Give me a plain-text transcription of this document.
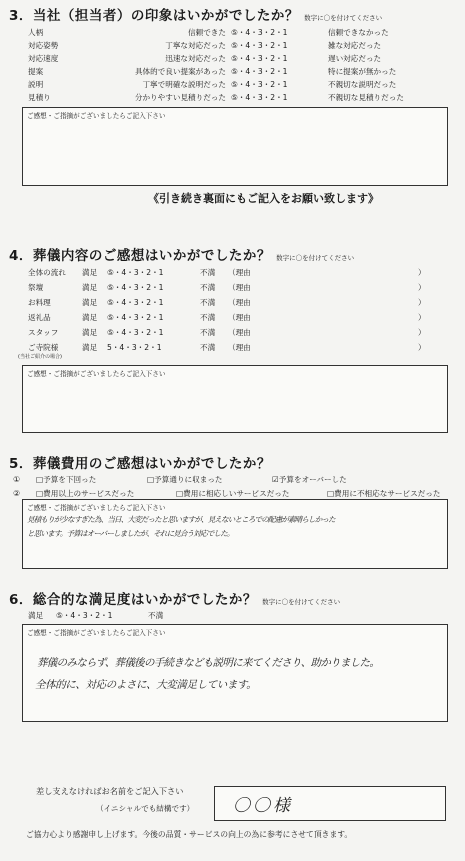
3．当社（担当者）の印象はいかがでしたか？ 数字に〇を付けてください
人柄	信頼できた ⑤・4・3・2・1	信頼できなかった
対応姿勢	丁寧な対応だった ⑤・4・3・2・1	雑な対応だった
対応速度	迅速な対応だった ⑤・4・3・2・1	遅い対応だった
提案	具体的で良い提案があった ⑤・4・3・2・1	特に提案が無かった
説明	丁寧で明確な説明だった ⑤・4・3・2・1	不親切な説明だった
見積り	分かりやすい見積りだった ⑤・4・3・2・1	不親切な見積りだった
ご感想・ご指摘がございましたらご記入下さい
《引き続き裏面にもご記入をお願い致します》
4．葬儀内容のご感想はいかがでしたか？ 数字に〇を付けてください
全体の流れ 満足 ⑤・4・3・2・1	不満 （理由	）
祭壇	満足 ⑤・4・3・2・1	不満 （理由	）
お料理	満足 ⑤・4・3・2・1	不満 （理由	）
返礼品	満足 ⑤・4・3・2・1	不満 （理由	）
スタッフ	満足 ⑤・4・3・2・1	不満 （理由	）
ご寺院様	満足 5・4・3・2・1	不満 （理由	）
(当社ご紹介の場合)
ご感想・ご指摘がございましたらご記入下さい
5．葬儀費用のご感想はいかがでしたか？
① □予算を下回った	□予算通りに収まった	☑予算をオーバーした
② □費用以上のサービスだった	□費用に相応しいサービスだった	□費用に不相応なサービスだった
ご感想・ご指摘がございましたらご記入下さい
見積もりが少なすぎた為、当日、大変だったと思いますが、見えないところでの配慮が素晴らしかった
と思います。予算はオーバーしましたが、それに見合う対応でした。
6．総合的な満足度はいかがでしたか？ 数字に〇を付けてください
満足 ⑤・4・3・2・1	不満
ご感想・ご指摘がございましたらご記入下さい
葬儀のみならず、葬儀後の手続きなども説明に来てくださり、助かりました。
全体的に、対応のよさに、大変満足しています。
差し支えなければお名前をご記入下さい
（イニシャルでも結構です） 〇〇様
ご協力心より感謝申し上げます。今後の品質・サービスの向上の為に参考にさせて頂きます。
